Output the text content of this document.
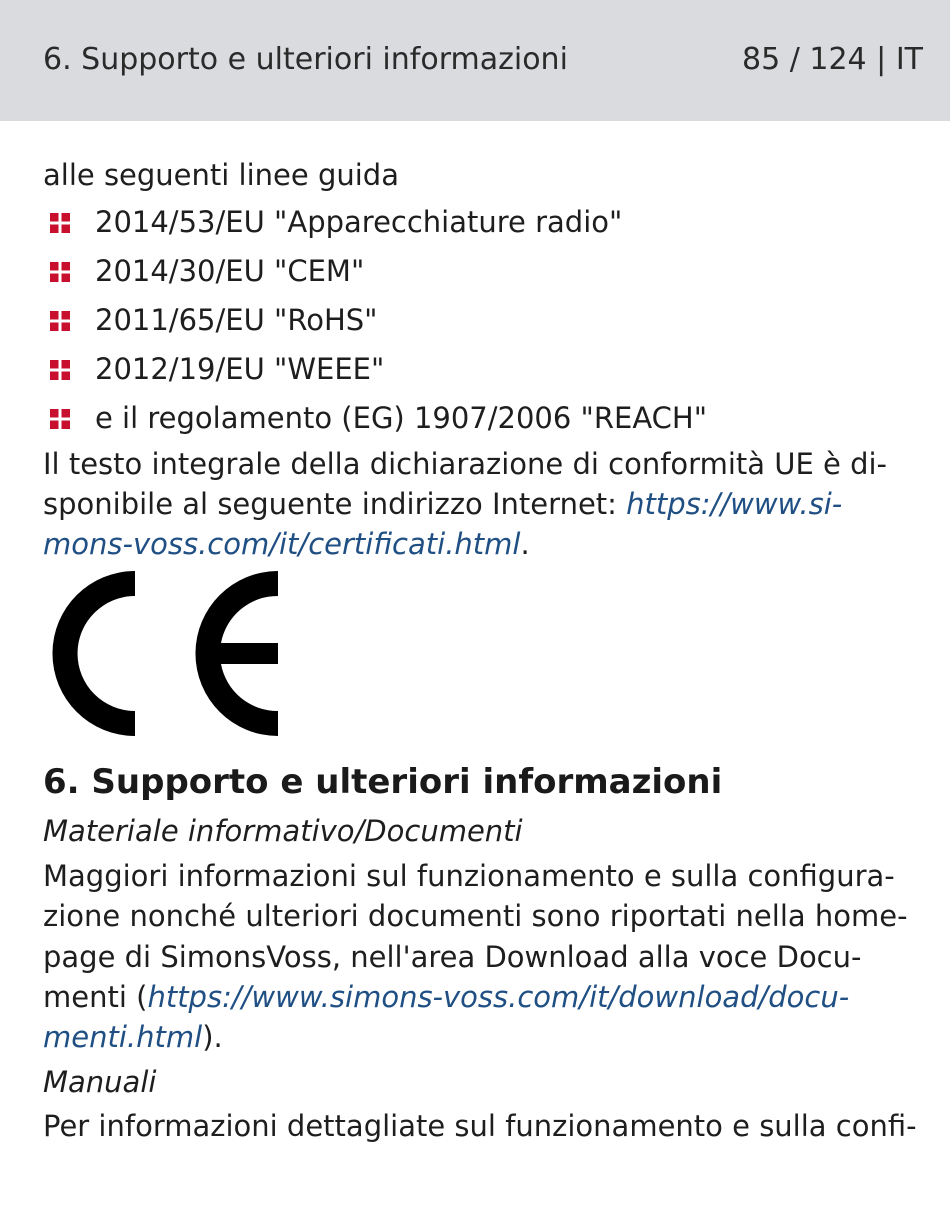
6. Supporto e ulteriori informazioni	85 / 124 | IT
alle seguenti linee guida
2014/53/EU "Apparecchiature radio"
2014/30/EU "CEM"
2011/65/EU "RoHS"
2012/19/EU "WEEE"
e il regolamento (EG) 1907/2006 "REACH"
Il testo integrale della dichiarazione di conformità UE è di-
sponibile al seguente indirizzo Internet: https://www.si-
mons-voss.com/it/certificati.html.
6. Supporto e ulteriori informazioni
Materiale informativo/Documenti
Maggiori informazioni sul funzionamento e sulla configura-
zione nonché ulteriori documenti sono riportati nella home-
page di SimonsVoss, nell'area Download alla voce Docu-
menti (https://www.simons-voss.com/it/download/docu-
menti.html).
Manuali
Per informazioni dettagliate sul funzionamento e sulla confi-
